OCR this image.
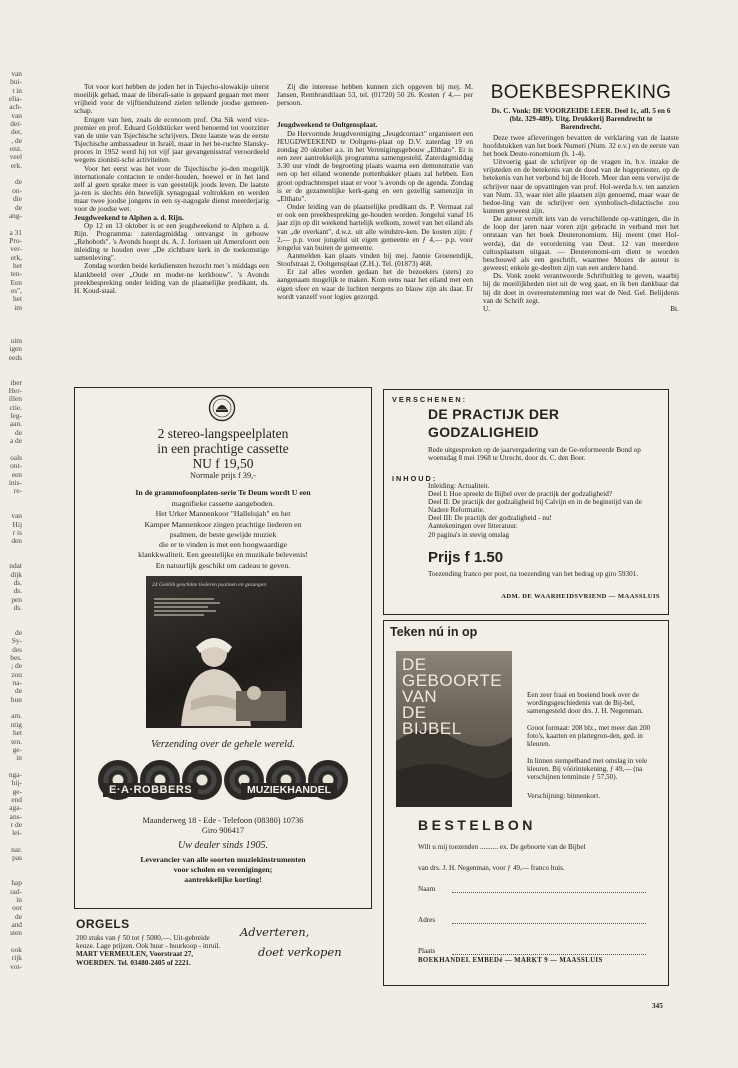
van
bui-
t in
elia-
ach-
van
der-
der,
, de
enz.
veel
erk.
de
on-
die
de
ang-
a 31
Pro-
ver-
erk,
het
ten-
Een
es",
het
im
uim
igen
eeds
iber
Her-
illen
ctie.
leg-
aan.
de
a de
oals
ont-
een
inis-
re-
van
Hij
r is
den
ndat
dijk
ds.
ds.
pen
ds.
de
Sy-
des
bes.
; de
zou
na-
de
hun
am.
ntig
het
ten.
ge-
in
nga-
hij-
ge-
end
aga-
ans-
r de
lei-
nar.
pas
hap
rad-
in
oor
de
and
sten
ook
rijk
vot-

Tot voor kort hebben de joden het in Tsjecho-slowakije uiterst moeilijk gehad, maar de liberali-satie is gepaard gegaan met meer vrijheid voor de vijftienduizend zielen tellende joodse gemeen-schap.

Enigen van hen, zoals de econoom prof. Ota Sik werd vice-premier en prof. Eduard Goldstücker werd benoemd tot voorzitter van de unie van Tsjechische schrijvers. Deze laatste was de eerste Tsjechische ambassadeur in Israël, maar in het be-ruchte Slansky-proces in 1952 werd hij tot vijf jaar gevangenisstraf veroordeeld wegens zionisti-sche activiteiten.

Voor het eerst was het voor de Tsjechische jo-den mogelijk internationale contacten te onder-houden, hoewel er in het land zelf al geen sprake meer is van geestelijk joods leven. De laatste ja-ren is slechts één huwelijk synagogaal voltrokken en werden maar twee joodse jongens in een sy-nagogale dienst meerderjarig voor de joodse wet.

Jeugdweekend te Alphen a. d. Rijn.

Op 12 en 13 oktober is er een jeugdweekend te Alphen a. d. Rijn. Programma: zaterdagmiddag ontvangst in gebouw „Rehoboth". 's Avonds hoopt ds. A. J. Jorissen uit Amersfoort een inleiding te houden over „De zichtbare kerk in de toekomstige samenleving".

Zondag worden beide kerkdiensten bezocht met 's middags een klankbeeld over „Oude en moder-ne kerkbouw". 's Avonds preekbespreking onder leiding van de plaatselijke predikant, ds. H. Koud-staal.

Zij die interesse hebben kunnen zich opgeven bij mej. M. Jansen, Rembrandtlaan 53, tel. (01720) 50 26. Kosten ƒ 4,— per persoon.

Jeugdweekend te Ooltgensplaat.

De Hervormde Jeugdvereniging „Jeugdcontact" organiseert een JEUGDWEEKEND te Ooltgens-plaat op D.V. zaterdag 19 en zondag 20 oktober a.s. in het Verenigingsgebouw „Elthato". Er is een zeer aantrekkelijk programma samengesteld. Zaterdagmiddag 3.30 uur vindt de begroeting plaats waarna een demonstratie van een op het eiland wonende pottenbakker plaats zal hebben. Een groot opdrachtenspel staat er voor 's avonds op de agenda. Zondag is er de gezamenlijke kerk-gang en een gezellig samenzijn in „Elthato".

Onder leiding van de plaatselijke predikant ds. P. Vermaat zal er ook een preekbespreking ge-houden worden. Jongelui vanaf 16 jaar zijn op dit weekend hartelijk welkom, zowel van het eiland als van „de overkant", d.w.z. uit alle windstre-ken. De kosten zijn: ƒ 2,— p.p. voor jongelui uit eigen gemeente en ƒ 4,— p.p. voor jongelui van buiten de gemeente.

Aanmelden kan plaats vinden bij mej. Jannie Groenendijk, Stoofstraat 2, Ooltgensplaat (Z.H.). Tel. (01873) 468.

Er zal alles worden gedaan het de bezoekers (sters) zo aangenaam mogelijk te maken. Kom eens naar het eiland met een eigen sfeer en waar de luchten nergens zo blauw zijn als daar. Er wordt vanzelf voor logies gezorgd.

BOEKBESPREKING
Ds. C. Vonk: DE VOORZEIDE LEER. Deel 1c, afl. 5 en 6 (blz. 329-489). Uitg. Drukkerij Barendrecht te Barendrecht.

Deze twee afleveringen bevatten de verklaring van de laatste hoofdstukken van het boek Numeri (Num. 32 e.v.) en de eerste van het boek Deute-ronomium (h. 1-4).

Uitvoerig gaat de schrijver op de vragen in, b.v. inzake de vrijsteden en de betekenis van de dood van de hogepriester, op de betekenis van het verbond bij de Horeb. Meer dan eens verwijst de schrijver naar de opvattingen van prof. Hol-werda b.v. ten aanzien van Num. 33, waar niet alle plaatsen zijn genoemd, maar waar de bedoe-ling van de schrijver een symbolisch-didactische zou kunnen geweest zijn.

De auteur vertelt iets van de verschillende op-vattingen, die in de loop der jaren naar voren zijn gebracht in verband met het ontstaan van het boek Deuteronomium. Hij meent (met Hol-werda), dat de verordening van Deut. 12 van meerdere cultusplaatsen uitgaat. — Deuteronomi-um dient te worden beschouwd als een geschrift, waarmee Mozes de auteur is geweest; enkele ge-deelten zijn van een andere hand.

Ds. Vonk zoekt verantwoorde Schriftuitleg te geven, waarbij hij de moeilijkheden niet uit de weg gaat, en ik ben dankbaar dat hij dit doet in overeenstemming met wat de Ned. Gel. Belijdenis van de Schrift zegt.

U.	Bt.
2 stereo-langspeelplaten
in een prachtige cassette
NU f 19,50
Normale prijs f 39,-
In de grammofoonplaten-serie Te Deum wordt U een
magnifieke cassette aangeboden.
Het Urker Mannenkoor "Hallelujah" en het
Kamper Mannenkoor zingen prachtige liederen en
psalmen, de beste gewijde muziek
die er te vinden is met een hoogwaardige
klankkwaliteit. Een geestelijke en muzikale belevenis!
En natuurlijk geschikt om cadeau te geven.
24 Gekliik geschikte liederen psalmen en gezangen
Verzending over de gehele wereld.
E·A·ROBBERS	MUZIEKHANDEL
Maanderweg 18 - Ede - Telefoon (08380) 10736
Giro 906417
Uw dealer sinds 1905.
Leverancier van alle soorten muziekinstrumenten
voor scholen en verenigingen;
aantrekkelijke korting!
ORGELS
200 stuks van ƒ 50 tot ƒ 5000,—. Uit-gebreide keuze. Lage prijzen. Ook huur - huurkoop - inruil.
MART VERMEULEN, Voorstraat 27, WOERDEN. Tel. 03480-2405 of 2221.
Adverteren,
doet verkopen
VERSCHENEN:
DE PRACTIJK DER
GODZALIGHEID
Rede uitgesproken op de jaarvergadering van de Ge-reformeerde Bond op woensdag 8 mei 1968 te Utrecht, door ds. C. den Boer.
INHOUD:
Inleiding: Actualiteit.
Deel I: Hoe spreekt de Bijbel over de practijk der godzaligheid?
Deel II: De practijk der godzaligheid bij Calvijn en in de beginstijd van de Nadere Reformatie.
Deel III: De practijk der godzaligheid - nu!
Aantekeningen over litteratuur.
20 pagina's in stevig omslag
Prijs f 1.50
Toezending franco per post, na toezending van het bedrag op giro 59301.
ADM. DE WAARHEIDSVRIEND — MAASSLUIS
Teken nú in op
DE
GEBOORTE
VAN
DE
BIJBEL
Een zeer fraai en boeiend boek over de wordingsgeschiedenis van de Bij-bel, samengesteld door drs. J. H. Negenman.
Groot formaat: 208 blz., met meer dan 200 foto's, kaarten en plattegron-den, ged. in kleuren.
In linnen stempelband met omslag in vele kleuren. Bij vóórintekening, ƒ 49,— (na verschijnen tenminste ƒ 57,50).
Verschijning: binnenkort.
BESTELBON
Wilt u mij toezenden .......... ex. De geboorte van de Bijbel
van drs. J. H. Negenman, voor ƒ 49,— franco huis.
Naam
Adres
Plaats
BOEKHANDEL EMBEDé — MARKT 9 — MAASSLUIS
345
